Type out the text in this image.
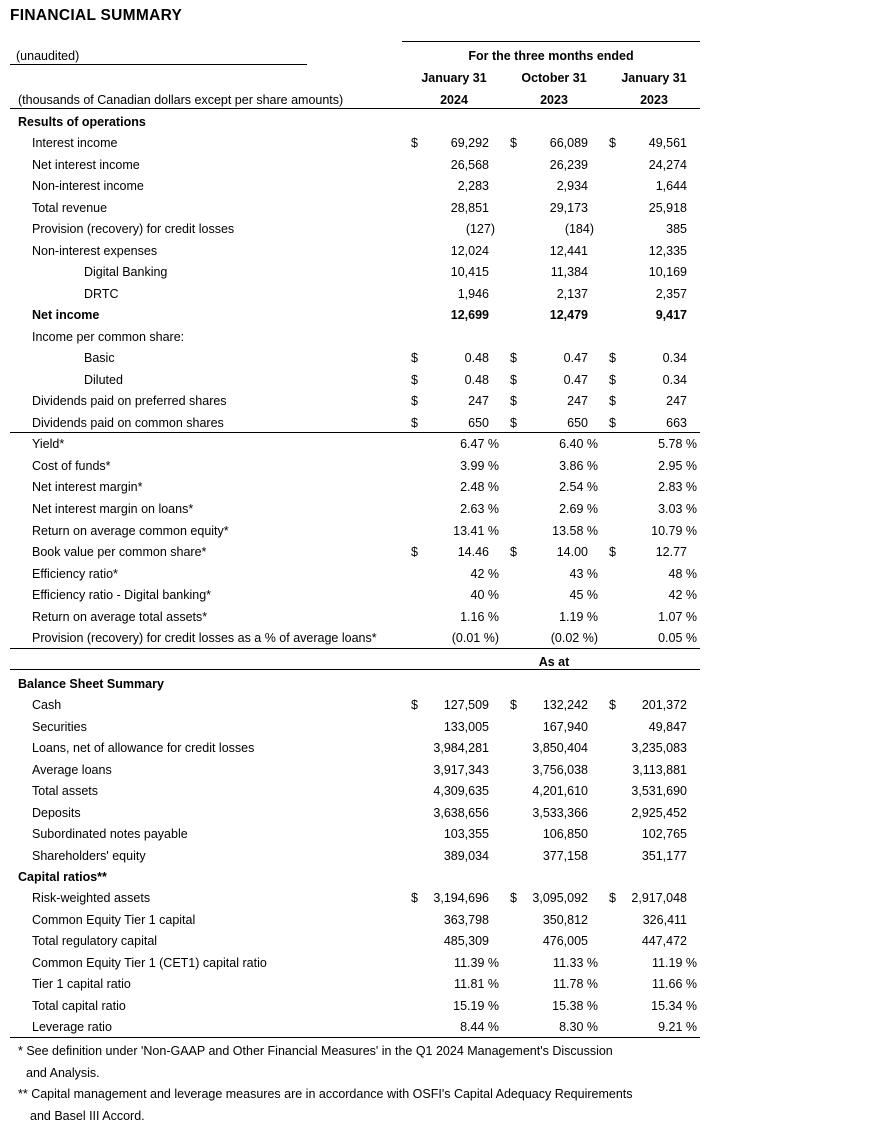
FINANCIAL SUMMARY
(unaudited)	For the three months ended
January 31	October 31	January 31
(thousands of Canadian dollars except per share amounts)	2024	2023	2023
Results of operations
Balance Sheet Summary
Capital ratios**
As at
Interest income	$	69,292 $	66,089 $	49,561
Net interest income	26,568	26,239	24,274
Non-interest income	2,283	2,934	1,644
Total revenue	28,851	29,173	25,918
Provision (recovery) for credit losses	(127)	(184)	385
Non-interest expenses	12,024	12,441	12,335
Digital Banking	10,415	11,384	10,169
DRTC	1,946	2,137	2,357
Net income	12,699	12,479	9,417
Income per common share:
Basic	$	0.48 $	0.47 $	0.34
Diluted	$	0.48 $	0.47 $	0.34
Dividends paid on preferred shares	$	247 $	247 $	247
Dividends paid on common shares	$	650 $	650 $	663
Yield*	6.47 %	6.40 %	5.78 %
Cost of funds*	3.99 %	3.86 %	2.95 %
Net interest margin*	2.48 %	2.54 %	2.83 %
Net interest margin on loans*	2.63 %	2.69 %	3.03 %
Return on average common equity*	13.41 %	13.58 %	10.79 %
Book value per common share*	$	14.46 $	14.00 $	12.77
Efficiency ratio*	42 %	43 %	48 %
Efficiency ratio - Digital banking*	40 %	45 %	42 %
Return on average total assets*	1.16 %	1.19 %	1.07 %
Provision (recovery) for credit losses as a % of average loans*	(0.01 %)	(0.02 %)	0.05 %
Cash	$	127,509 $	132,242 $	201,372
Securities	133,005	167,940	49,847
Loans, net of allowance for credit losses	3,984,281	3,850,404	3,235,083
Average loans	3,917,343	3,756,038	3,113,881
Total assets	4,309,635	4,201,610	3,531,690
Deposits	3,638,656	3,533,366	2,925,452
Subordinated notes payable	103,355	106,850	102,765
Shareholders' equity	389,034	377,158	351,177
Risk-weighted assets	$	3,194,696 $	3,095,092 $	2,917,048
Common Equity Tier 1 capital	363,798	350,812	326,411
Total regulatory capital	485,309	476,005	447,472
Common Equity Tier 1 (CET1) capital ratio	11.39 %	11.33 %	11.19 %
Tier 1 capital ratio	11.81 %	11.78 %	11.66 %
Total capital ratio	15.19 %	15.38 %	15.34 %
Leverage ratio	8.44 %	8.30 %	9.21 %
* See definition under 'Non-GAAP and Other Financial Measures' in the Q1 2024 Management's Discussion
and Analysis.
** Capital management and leverage measures are in accordance with OSFI's Capital Adequacy Requirements
and Basel III Accord.
